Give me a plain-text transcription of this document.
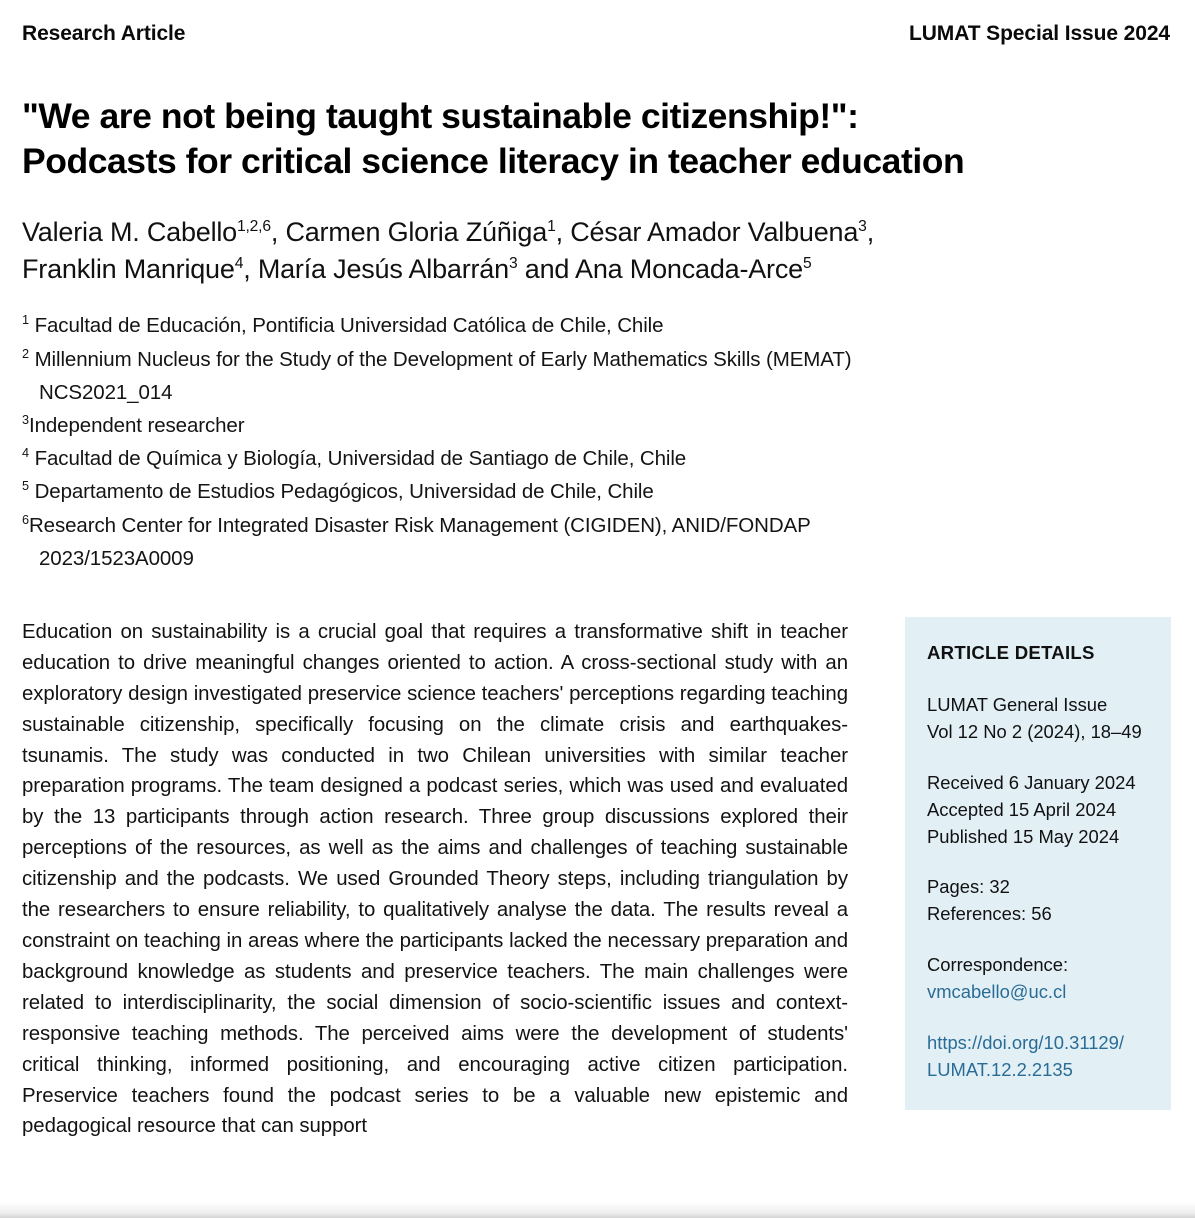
Research Article	LUMAT Special Issue 2024
"We are not being taught sustainable citizenship!":
Podcasts for critical science literacy in teacher education
Valeria M. Cabello$^{1,2,6}$, Carmen Gloria Zúñiga$^1$, César Amador Valbuena$^3$,
Franklin Manrique$^4$, María Jesús Albarrán$^3$ and Ana Moncada-Arce$^5$
$^1$ Facultad de Educación, Pontificia Universidad Católica de Chile, Chile
$^2$ Millennium Nucleus for the Study of the Development of Early Mathematics Skills (MEMAT)
NCS2021_014
$^3$Independent researcher
$^4$ Facultad de Química y Biología, Universidad de Santiago de Chile, Chile
$^5$ Departamento de Estudios Pedagógicos, Universidad de Chile, Chile
$^6$Research Center for Integrated Disaster Risk Management (CIGIDEN), ANID/FONDAP
2023/1523A0009
Education on sustainability is a crucial goal that requires a transformative shift in teacher education to drive meaningful changes oriented to action. A cross-sectional study with an exploratory design investigated preservice science teachers' perceptions regarding teaching sustainable citizenship, specifically focusing on the climate crisis and earthquakes-tsunamis. The study was conducted in two Chilean universities with similar teacher preparation programs. The team designed a podcast series, which was used and evaluated by the 13 participants through action research. Three group discussions explored their perceptions of the resources, as well as the aims and challenges of teaching sustainable citizenship and the podcasts. We used Grounded Theory steps, including triangulation by the researchers to ensure reliability, to qualitatively analyse the data. The results reveal a constraint on teaching in areas where the participants lacked the necessary preparation and background knowledge as students and preservice teachers. The main challenges were related to interdisciplinarity, the social dimension of socio-scientific issues and context-responsive teaching methods. The perceived aims were the development of students' critical thinking, informed positioning, and encouraging active citizen participation. Preservice teachers found the podcast series to be a valuable new epistemic and pedagogical resource that can support
ARTICLE DETAILS
LUMAT General Issue
Vol 12 No 2 (2024), 18–49
Received 6 January 2024
Accepted 15 April 2024
Published 15 May 2024
Pages: 32
References: 56
Correspondence:
vmcabello@uc.cl
https://doi.org/10.31129/
LUMAT.12.2.2135
